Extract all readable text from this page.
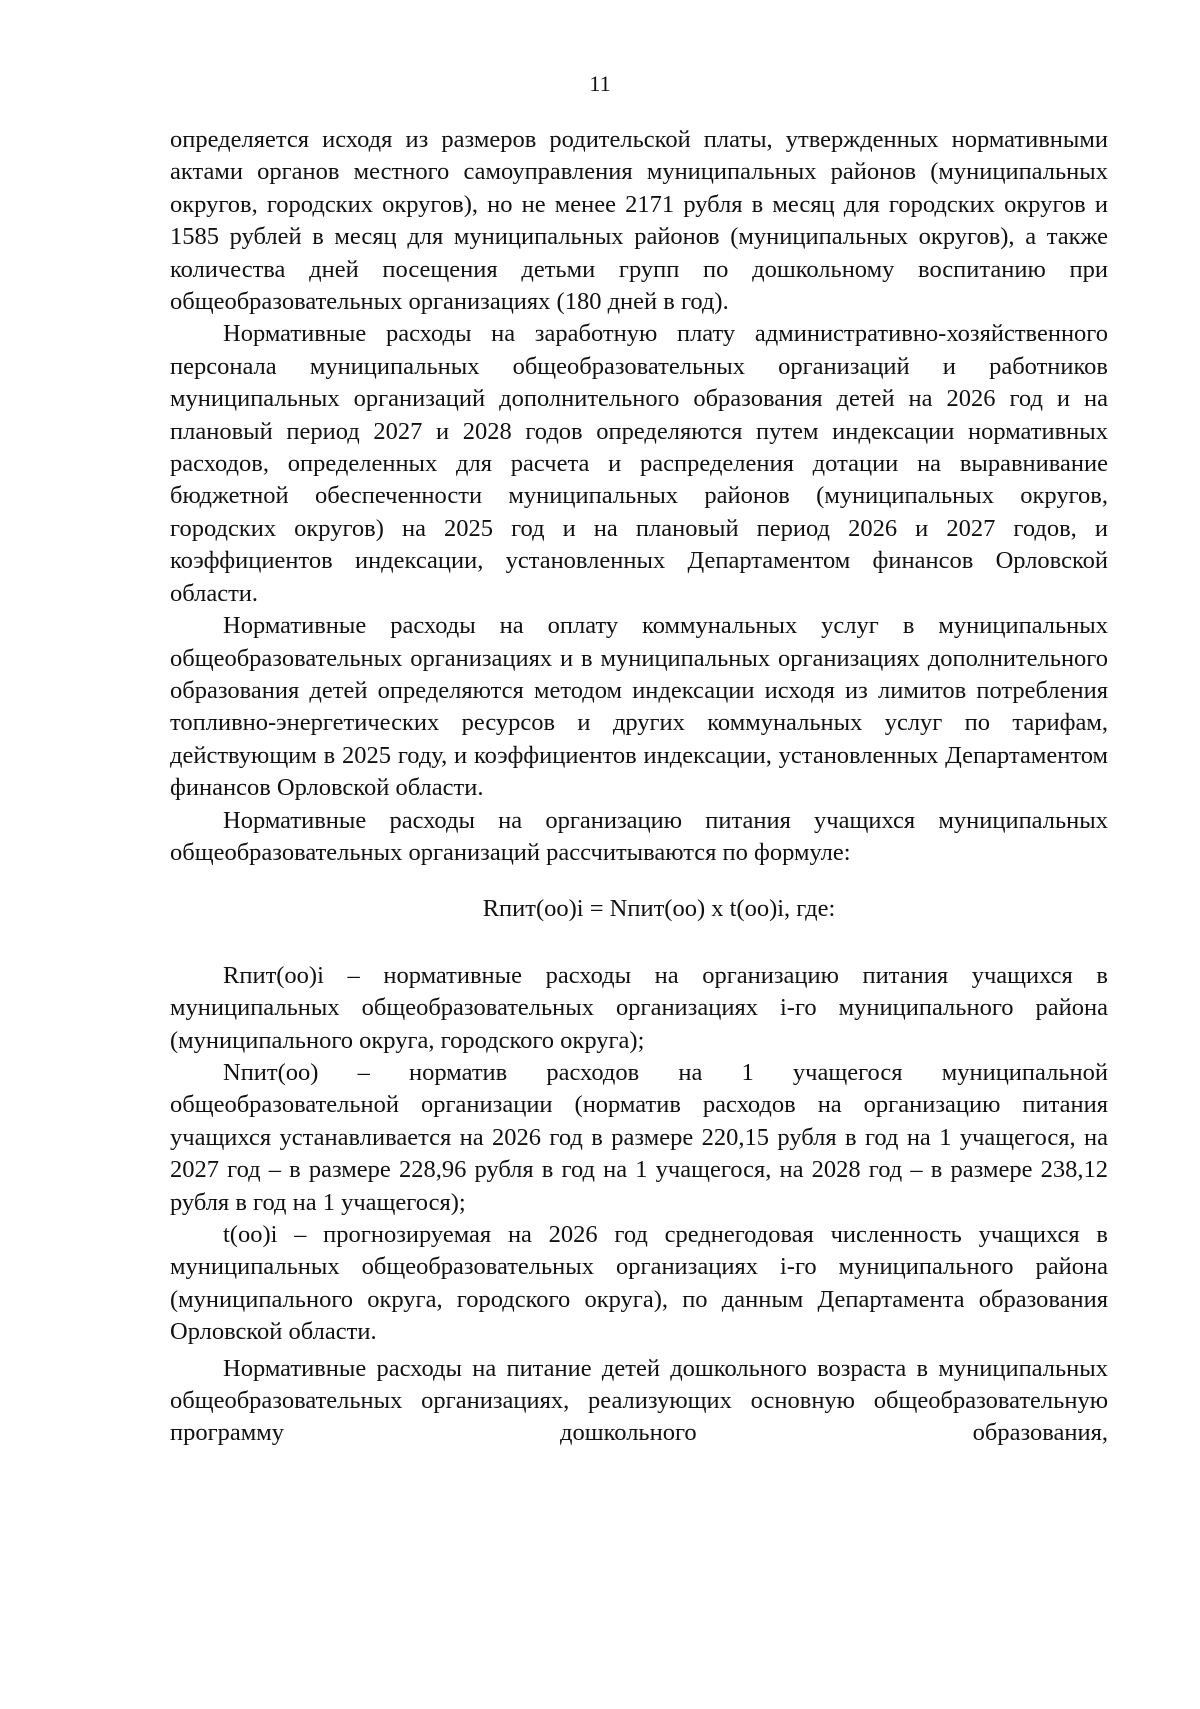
11

определяется исходя из размеров родительской платы, утвержденных нормативными актами органов местного самоуправления муниципальных районов (муниципальных округов, городских округов), но не менее 2171 рубля в месяц для городских округов и 1585 рублей в месяц для муниципальных районов (муниципальных округов), а также количества дней посещения детьми групп по дошкольному воспитанию при общеобразовательных организациях (180 дней в год).

Нормативные расходы на заработную плату административно-хозяйственного персонала муниципальных общеобразовательных организаций и работников муниципальных организаций дополнительного образования детей на 2026 год и на плановый период 2027 и 2028 годов определяются путем индексации нормативных расходов, определенных для расчета и распределения дотации на выравнивание бюджетной обеспеченности муниципальных районов (муниципальных округов, городских округов) на 2025 год и на плановый период 2026 и 2027 годов, и коэффициентов индексации, установленных Департаментом финансов Орловской области.

Нормативные расходы на оплату коммунальных услуг в муниципальных общеобразовательных организациях и в муниципальных организациях дополнительного образования детей определяются методом индексации исходя из лимитов потребления топливно-энергетических ресурсов и других коммунальных услуг по тарифам, действующим в 2025 году, и коэффициентов индексации, установленных Департаментом финансов Орловской области.

Нормативные расходы на организацию питания учащихся муниципальных общеобразовательных организаций рассчитываются по формуле:

Rпит(оо)i = Nпит(оо) x t(оо)i, где:

Rпит(оо)i – нормативные расходы на организацию питания учащихся в муниципальных общеобразовательных организациях i-го муниципального района (муниципального округа, городского округа);

Nпит(оо) – норматив расходов на 1 учащегося муниципальной общеобразовательной организации (норматив расходов на организацию питания учащихся устанавливается на 2026 год в размере 220,15 рубля в год на 1 учащегося, на 2027 год – в размере 228,96 рубля в год на 1 учащегося, на 2028 год – в размере 238,12 рубля в год на 1 учащегося);

t(оо)i – прогнозируемая на 2026 год среднегодовая численность учащихся в муниципальных общеобразовательных организациях i-го муниципального района (муниципального округа, городского округа), по данным Департамента образования Орловской области.

Нормативные расходы на питание детей дошкольного возраста в муниципальных общеобразовательных организациях, реализующих основную общеобразовательную программу дошкольного образования,
